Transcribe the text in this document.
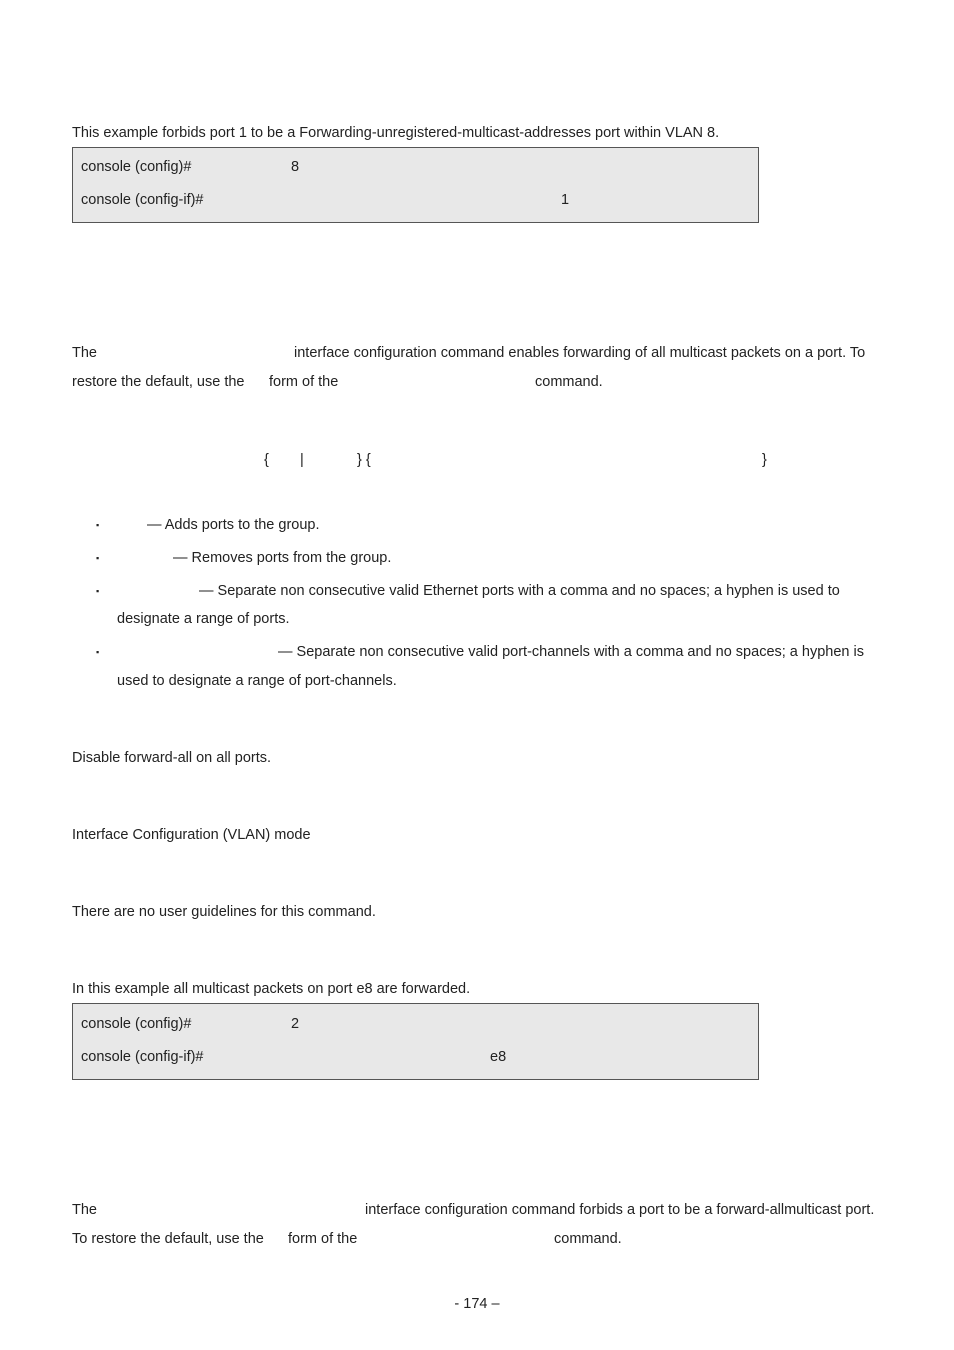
This example forbids port 1 to be a Forwarding-unregistered-multicast-addresses port within VLAN 8.
console (config)#	8
console (config-if)#	1
The	interface configuration command enables forwarding of all multicast packets on a port. To
restore the default, use the form of the	command.
{ |	} {	}
▪	— Adds ports to the group.
▪	— Removes ports from the group.
▪	— Separate non consecutive valid Ethernet ports with a comma and no spaces; a hyphen is used to
designate a range of ports.
▪	— Separate non consecutive valid port-channels with a comma and no spaces; a hyphen is
used to designate a range of port-channels.
Disable forward-all on all ports.
Interface Configuration (VLAN) mode
There are no user guidelines for this command.
In this example all multicast packets on port e8 are forwarded.
console (config)#	2
console (config-if)#	e8
The	interface configuration command forbids a port to be a forward-allmulticast port.
To restore the default, use the form of the	command.
- 174 –
